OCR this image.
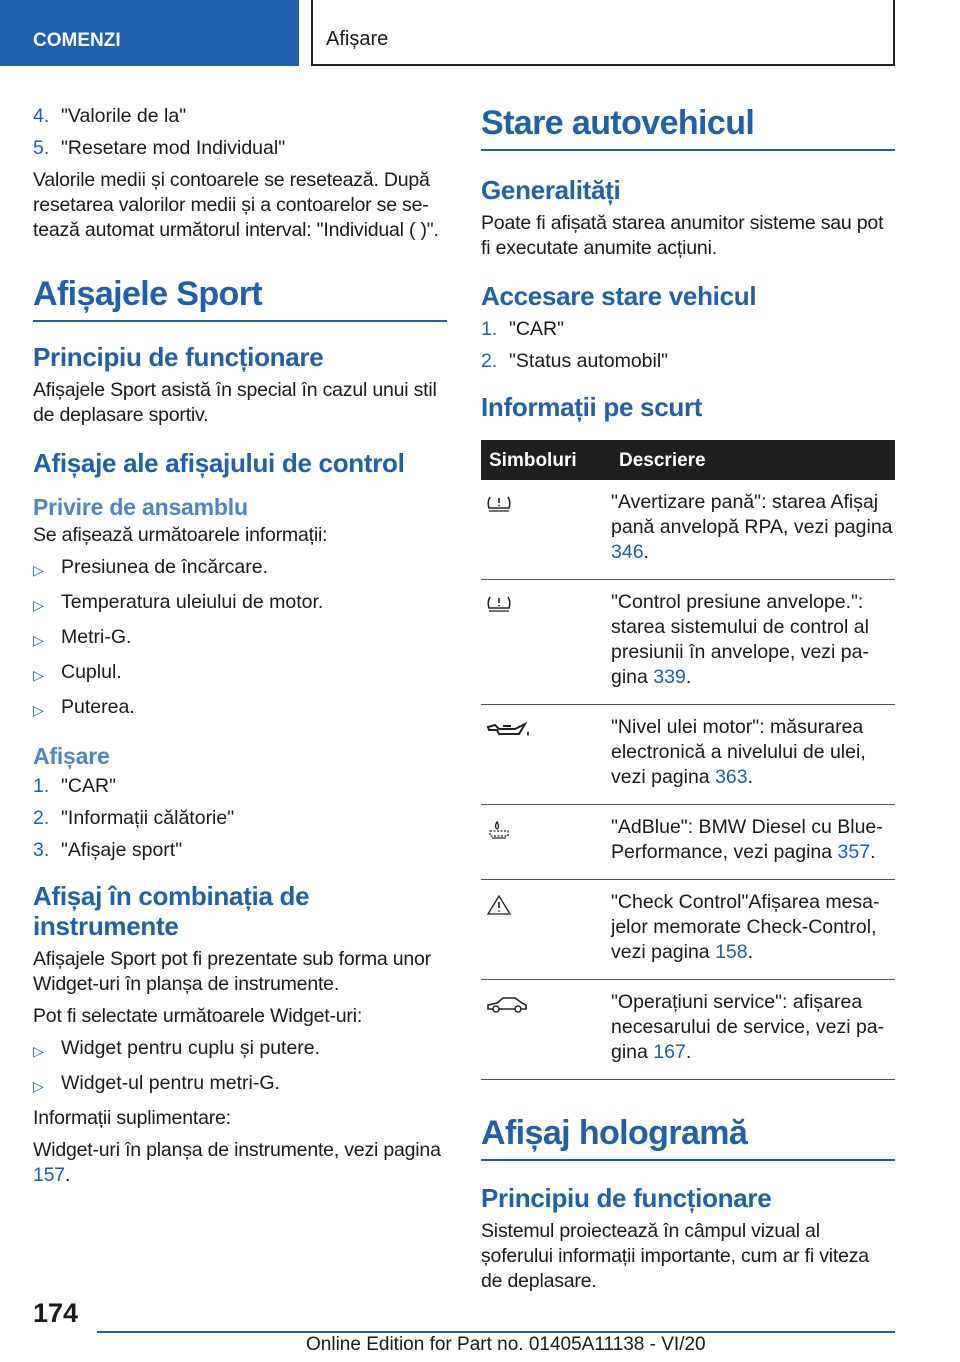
COMENZI	Afișare
4. "Valorile de la"
5. "Resetare mod Individual"
Valorile medii și contoarele se resetează. După resetarea valorilor medii și a contoarelor se setează automat următorul interval: "Individual ( )".
Afișajele Sport
Principiu de funcționare
Afișajele Sport asistă în special în cazul unui stil de deplasare sportiv.
Afișaje ale afișajului de control
Privire de ansamblu
Se afișează următoarele informații:
▷ Presiunea de încărcare.
▷ Temperatura uleiului de motor.
▷ Metri-G.
▷ Cuplul.
▷ Puterea.
Afișare
1. "CAR"
2. "Informații călătorie"
3. "Afișaje sport"
Afișaj în combinația de instrumente
Afișajele Sport pot fi prezentate sub forma unor Widget-uri în planșa de instrumente.
Pot fi selectate următoarele Widget-uri:
▷ Widget pentru cuplu și putere.
▷ Widget-ul pentru metri-G.
Informații suplimentare:
Widget-uri în planșa de instrumente, vezi pagina 157.
Stare autovehicul
Generalități
Poate fi afișată starea anumitor sisteme sau pot fi executate anumite acțiuni.
Accesare stare vehicul
1. "CAR"
2. "Status automobil"
Informații pe scurt
Simboluri	Descriere

	"Avertizare pană": starea Afișaj pană anvelopă RPA, vezi pagina 346.

	"Control presiune anvelope.": starea sistemului de control al presiunii în anvelope, vezi pagina 339.

	"Nivel ulei motor": măsurarea electronică a nivelului de ulei, vezi pagina 363.

	"AdBlue": BMW Diesel cu BluePerformance, vezi pagina 357.

	"Check Control"Afișarea mesajelor memorate Check-Control, vezi pagina 158.

	"Operațiuni service": afișarea necesarului de service, vezi pagina 167.
Afișaj hologramă
Principiu de funcționare
Sistemul proiectează în câmpul vizual al șoferului informații importante, cum ar fi viteza de deplasare.
174
Online Edition for Part no. 01405A11138 - VI/20
